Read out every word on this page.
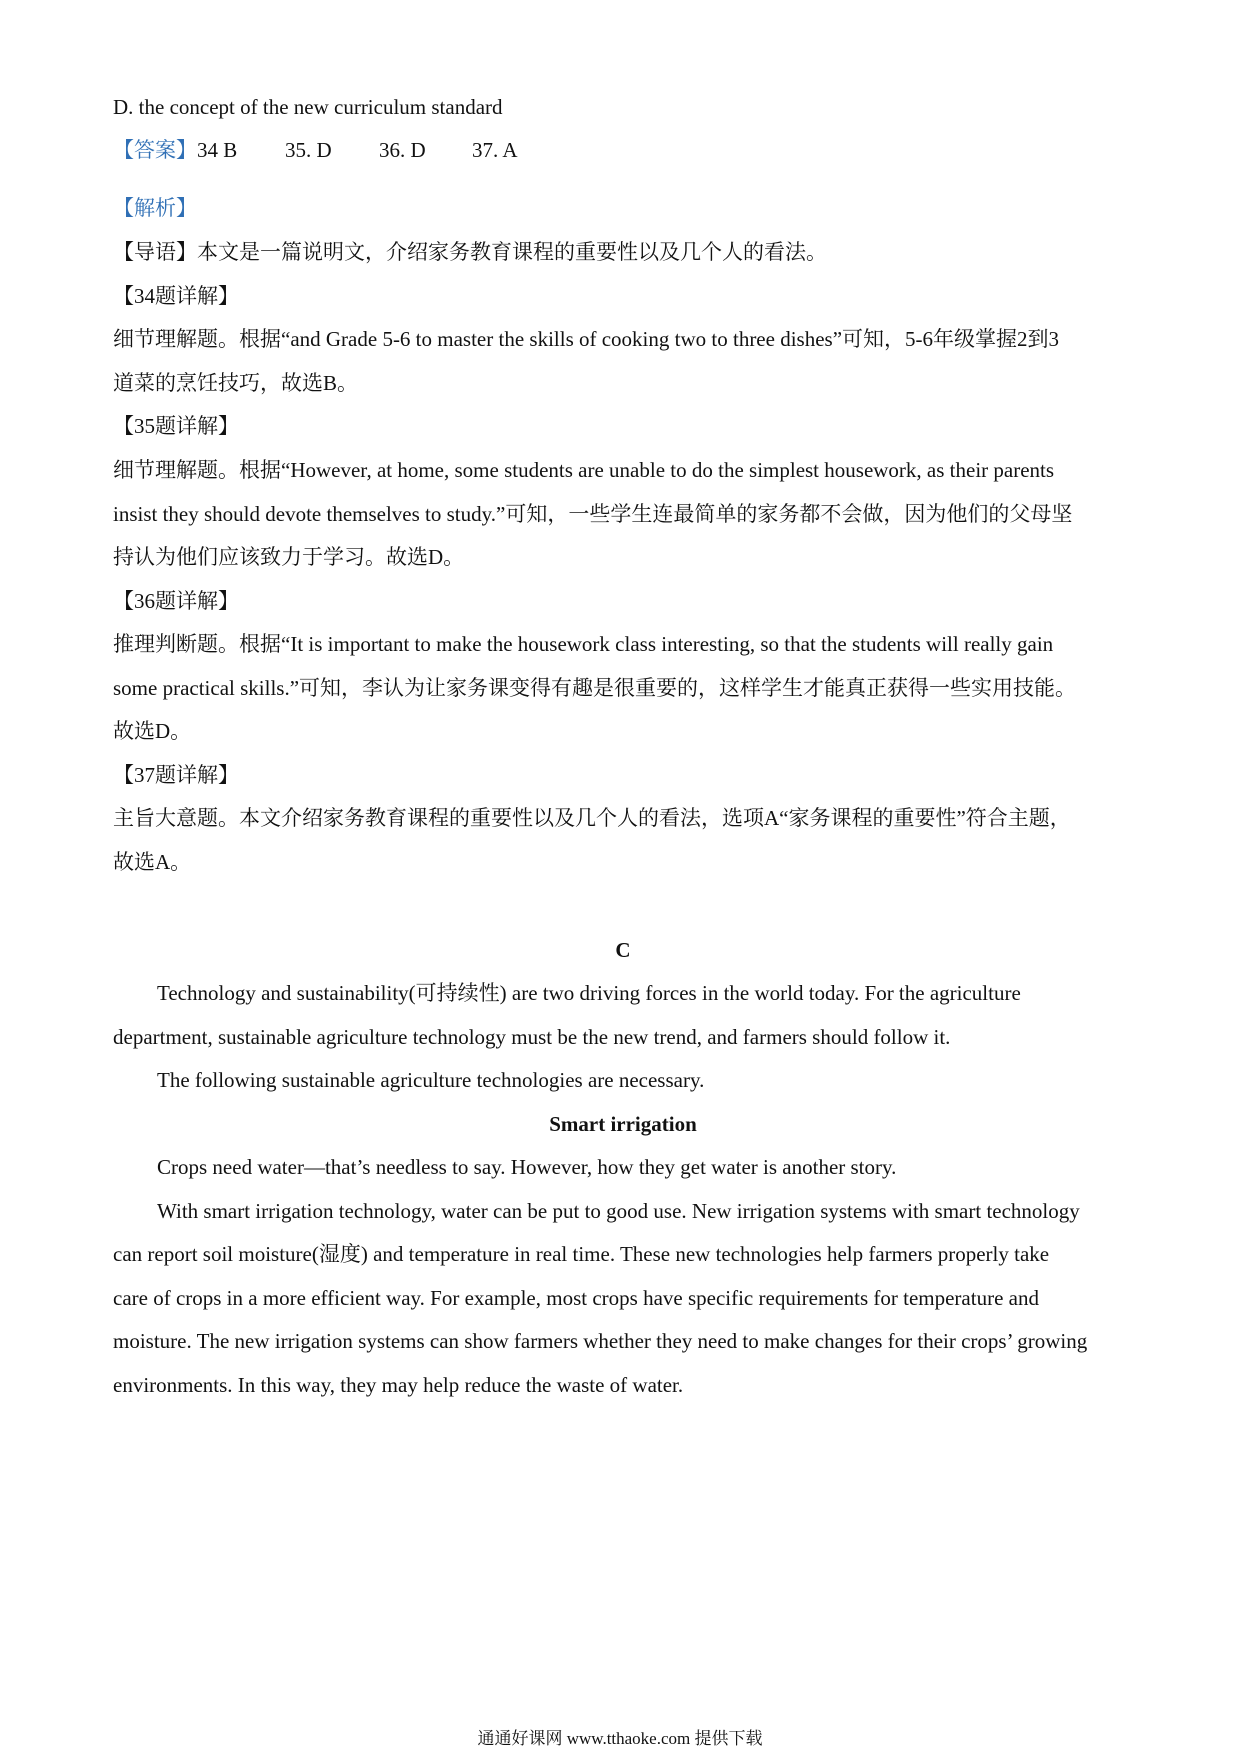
D. the concept of the new curriculum standard
【答案】34 B 35. D 36. D 37. A
【解析】
【导语】本文是一篇说明文，介绍家务教育课程的重要性以及几个人的看法。
【34题详解】
细节理解题。根据“and Grade 5-6 to master the skills of cooking two to three dishes”可知，5-6年级掌握2到3
道菜的烹饪技巧，故选B。
【35题详解】
细节理解题。根据“However, at home, some students are unable to do the simplest housework, as their parents
insist they should devote themselves to study.”可知，一些学生连最简单的家务都不会做，因为他们的父母坚
持认为他们应该致力于学习。故选D。
【36题详解】
推理判断题。根据“It is important to make the housework class interesting, so that the students will really gain
some practical skills.”可知，李认为让家务课变得有趣是很重要的，这样学生才能真正获得一些实用技能。
故选D。
【37题详解】
主旨大意题。本文介绍家务教育课程的重要性以及几个人的看法，选项A“家务课程的重要性”符合主题，
故选A。
C
Technology and sustainability(可持续性) are two driving forces in the world today. For the agriculture
department, sustainable agriculture technology must be the new trend, and farmers should follow it.
The following sustainable agriculture technologies are necessary.
Smart irrigation
Crops need water—that’s needless to say. However, how they get water is another story.
With smart irrigation technology, water can be put to good use. New irrigation systems with smart technology
can report soil moisture(湿度) and temperature in real time. These new technologies help farmers properly take
care of crops in a more efficient way. For example, most crops have specific requirements for temperature and
moisture. The new irrigation systems can show farmers whether they need to make changes for their crops’ growing
environments. In this way, they may help reduce the waste of water.
通通好课网 www.tthaoke.com 提供下载
